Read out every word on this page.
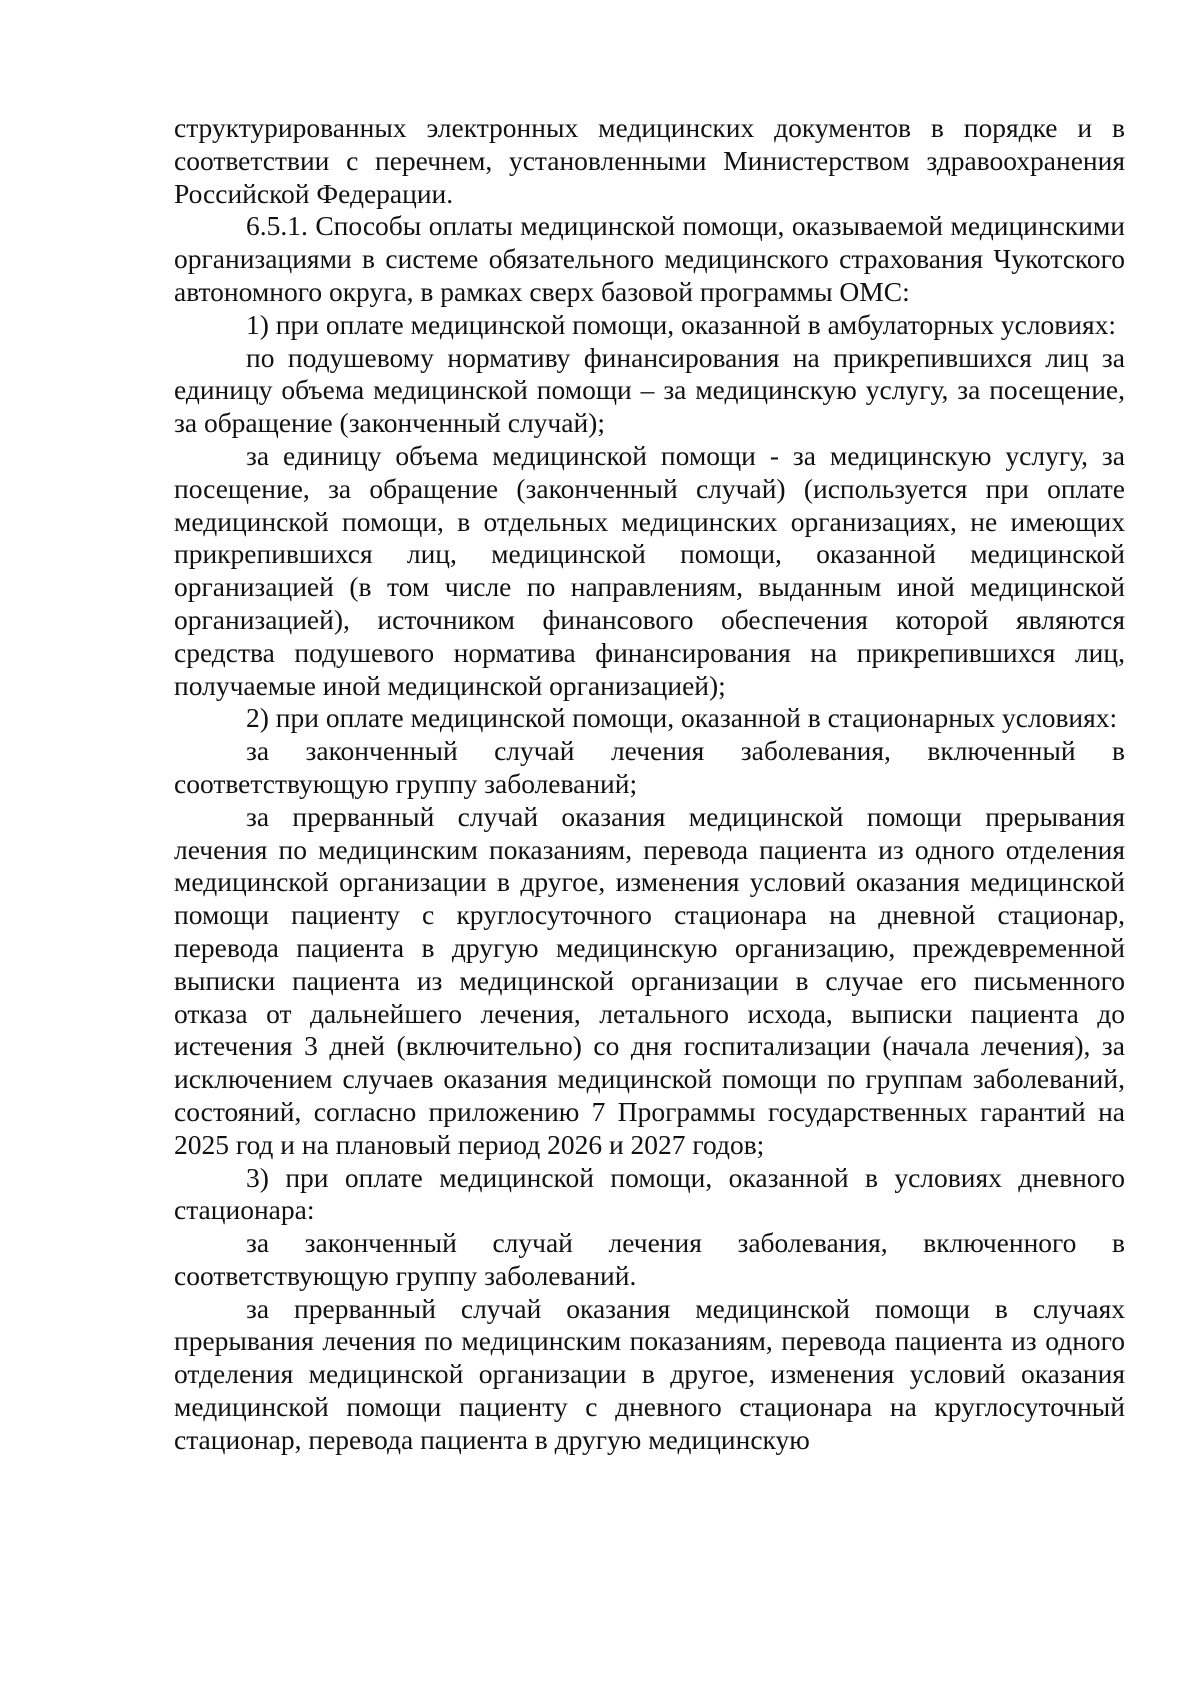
структурированных электронных медицинских документов в порядке и в соответствии с перечнем, установленными Министерством здравоохранения Российской Федерации.

6.5.1. Способы оплаты медицинской помощи, оказываемой медицинскими организациями в системе обязательного медицинского страхования Чукотского автономного округа, в рамках сверх базовой программы ОМС:

1) при оплате медицинской помощи, оказанной в амбулаторных условиях:

по подушевому нормативу финансирования на прикрепившихся лиц за единицу объема медицинской помощи – за медицинскую услугу, за посещение, за обращение (законченный случай);

за единицу объема медицинской помощи - за медицинскую услугу, за посещение, за обращение (законченный случай) (используется при оплате медицинской помощи, в отдельных медицинских организациях, не имеющих прикрепившихся лиц, медицинской помощи, оказанной медицинской организацией (в том числе по направлениям, выданным иной медицинской организацией), источником финансового обеспечения которой являются средства подушевого норматива финансирования на прикрепившихся лиц, получаемые иной медицинской организацией);

2) при оплате медицинской помощи, оказанной в стационарных условиях:

за законченный случай лечения заболевания, включенный в соответствующую группу заболеваний;

за прерванный случай оказания медицинской помощи прерывания лечения по медицинским показаниям, перевода пациента из одного отделения медицинской организации в другое, изменения условий оказания медицинской помощи пациенту с круглосуточного стационара на дневной стационар, перевода пациента в другую медицинскую организацию, преждевременной выписки пациента из медицинской организации в случае его письменного отказа от дальнейшего лечения, летального исхода, выписки пациента до истечения 3 дней (включительно) со дня госпитализации (начала лечения), за исключением случаев оказания медицинской помощи по группам заболеваний, состояний, согласно приложению 7 Программы государственных гарантий на 2025 год и на плановый период 2026 и 2027 годов;

3) при оплате медицинской помощи, оказанной в условиях дневного стационара:

за законченный случай лечения заболевания, включенного в соответствующую группу заболеваний.

за прерванный случай оказания медицинской помощи в случаях прерывания лечения по медицинским показаниям, перевода пациента из одного отделения медицинской организации в другое, изменения условий оказания медицинской помощи пациенту с дневного стационара на круглосуточный стационар, перевода пациента в другую медицинскую
